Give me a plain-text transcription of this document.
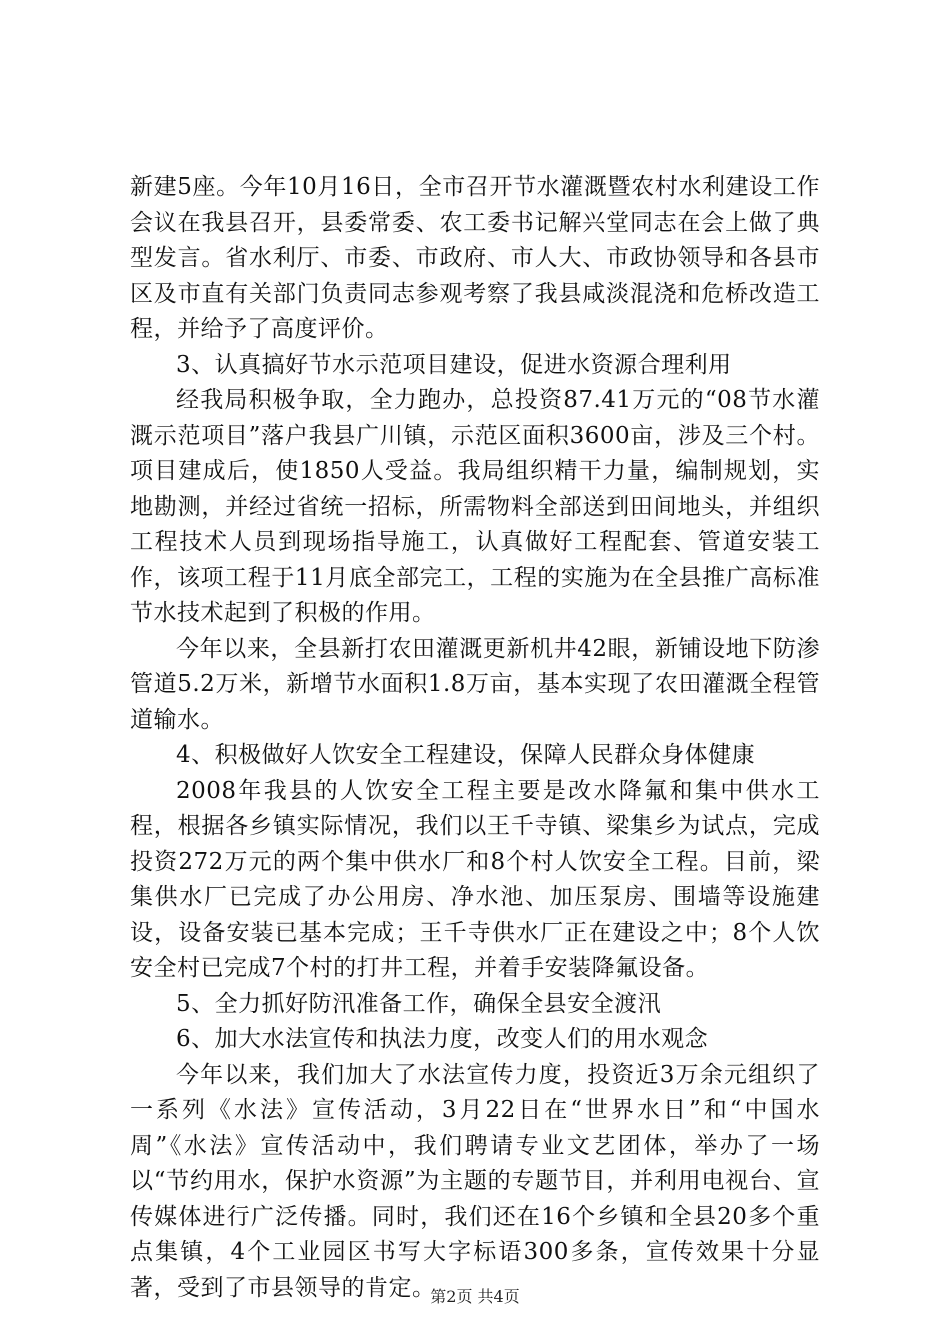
新建5座。今年10月16日，全市召开节水灌溉暨农村水利建设工作会议在我县召开，县委常委、农工委书记解兴堂同志在会上做了典型发言。省水利厅、市委、市政府、市人大、市政协领导和各县市区及市直有关部门负责同志参观考察了我县咸淡混浇和危桥改造工程，并给予了高度评价。

3、认真搞好节水示范项目建设，促进水资源合理利用

经我局积极争取，全力跑办，总投资87.41万元的“08节水灌溉示范项目”落户我县广川镇，示范区面积3600亩，涉及三个村。项目建成后，使1850人受益。我局组织精干力量，编制规划，实地勘测，并经过省统一招标，所需物料全部送到田间地头，并组织工程技术人员到现场指导施工，认真做好工程配套、管道安装工作，该项工程于11月底全部完工，工程的实施为在全县推广高标准节水技术起到了积极的作用。

今年以来，全县新打农田灌溉更新机井42眼，新铺设地下防渗管道5.2万米，新增节水面积1.8万亩，基本实现了农田灌溉全程管道输水。

4、积极做好人饮安全工程建设，保障人民群众身体健康

2008年我县的人饮安全工程主要是改水降氟和集中供水工程，根据各乡镇实际情况，我们以王千寺镇、梁集乡为试点，完成投资272万元的两个集中供水厂和8个村人饮安全工程。目前，梁集供水厂已完成了办公用房、净水池、加压泵房、围墙等设施建设，设备安装已基本完成；王千寺供水厂正在建设之中；8个人饮安全村已完成7个村的打井工程，并着手安装降氟设备。

5、全力抓好防汛准备工作，确保全县安全渡汛

6、加大水法宣传和执法力度，改变人们的用水观念

今年以来，我们加大了水法宣传力度，投资近3万余元组织了一系列《水法》宣传活动，3月22日在“世界水日”和“中国水周”《水法》宣传活动中，我们聘请专业文艺团体，举办了一场以“节约用水，保护水资源”为主题的专题节目，并利用电视台、宣传媒体进行广泛传播。同时，我们还在16个乡镇和全县20多个重点集镇，4个工业园区书写大字标语300多条，宣传效果十分显著，受到了市县领导的肯定。

第2页 共4页
